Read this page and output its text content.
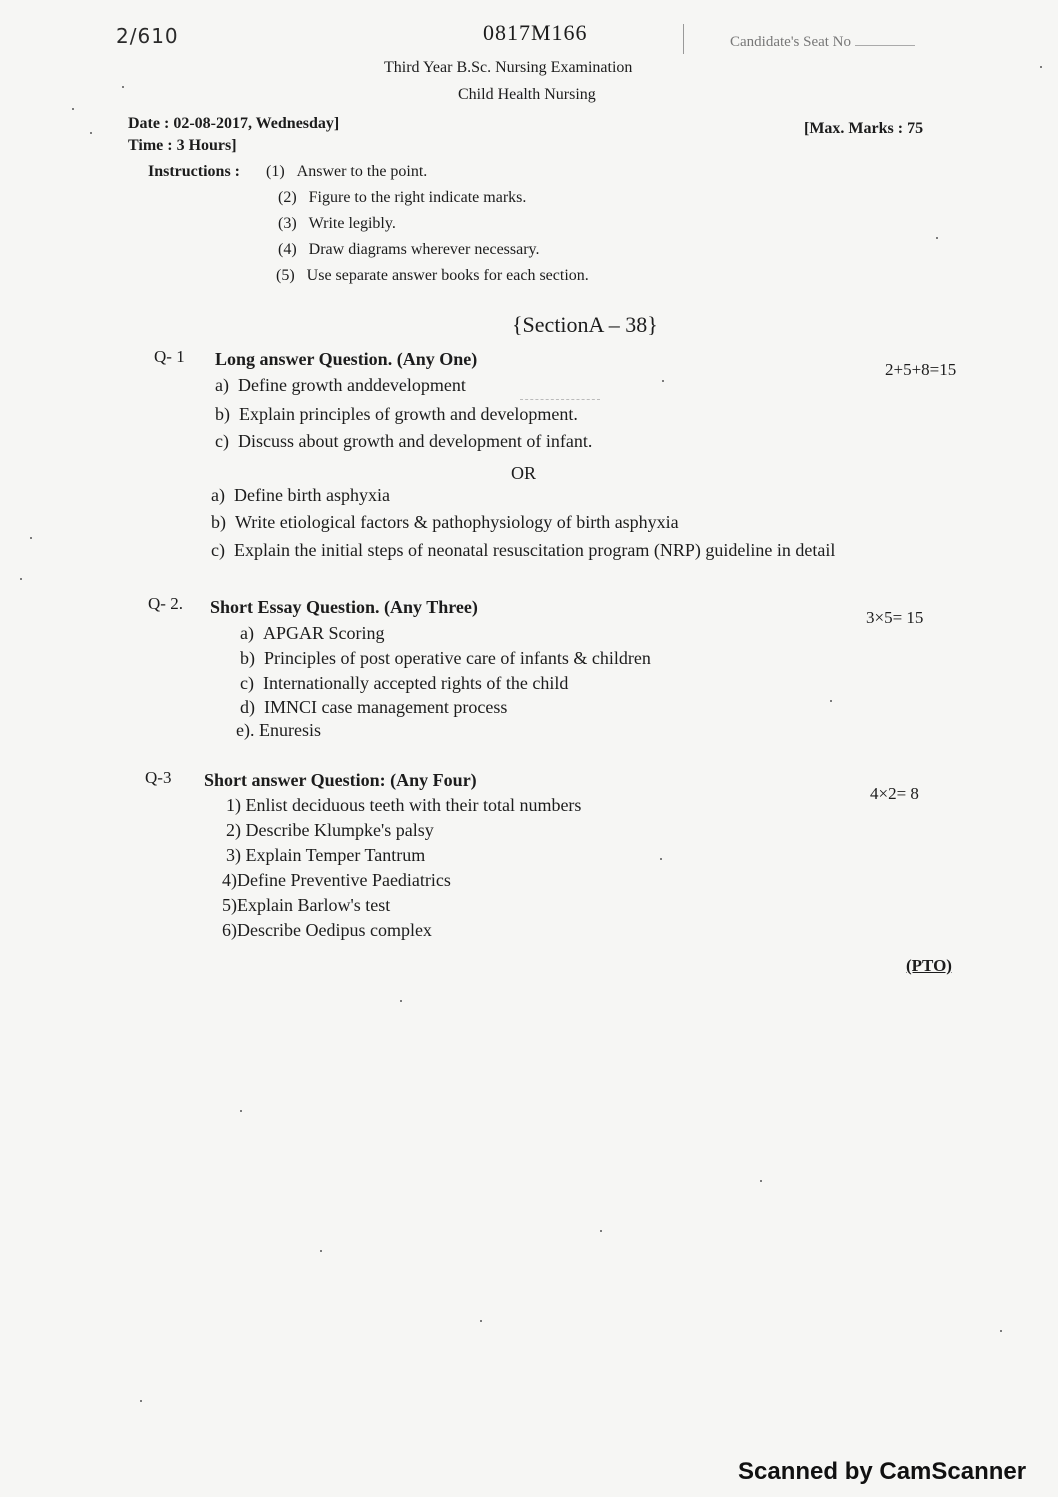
2/610	0817M166	Candidate's Seat No
Third Year B.Sc. Nursing Examination
Child Health Nursing
Date : 02-08-2017, Wednesday]
Time : 3 Hours]
[Max. Marks : 75
Instructions : (1) Answer to the point.
(2) Figure to the right indicate marks.
(3) Write legibly.
(4) Draw diagrams wherever necessary.
(5) Use separate answer books for each section.
{SectionA – 38}
Q- 1 Long answer Question. (Any One)
2+5+8=15
a) Define growth anddevelopment
b) Explain principles of growth and development.
c) Discuss about growth and development of infant.
OR
a) Define birth asphyxia
b) Write etiological factors & pathophysiology of birth asphyxia
c) Explain the initial steps of neonatal resuscitation program (NRP) guideline in detail
Q- 2. Short Essay Question. (Any Three)
3×5= 15
a) APGAR Scoring
b) Principles of post operative care of infants & children
c) Internationally accepted rights of the child
d) IMNCI case management process
e). Enuresis
Q-3 Short answer Question: (Any Four)
4×2= 8
1) Enlist deciduous teeth with their total numbers
2) Describe Klumpke's palsy
3) Explain Temper Tantrum
4)Define Preventive Paediatrics
5)Explain Barlow's test
6)Describe Oedipus complex
(PTO)
Scanned by CamScanner
